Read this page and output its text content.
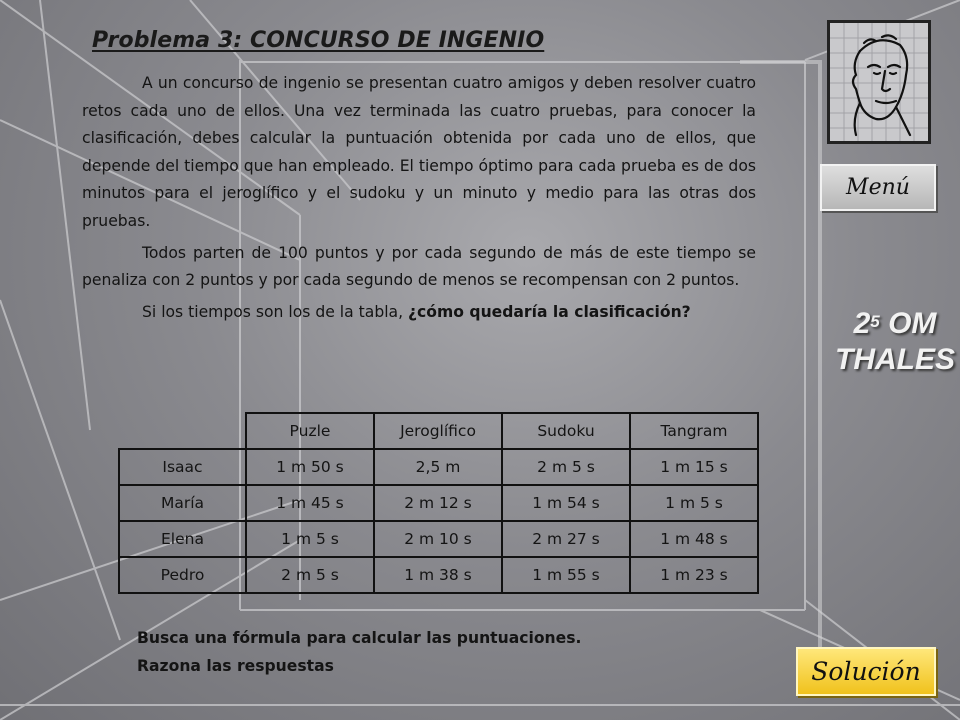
Problema 3: CONCURSO DE INGENIO

A un concurso de ingenio se presentan cuatro amigos y deben resolver cuatro retos cada uno de ellos. Una vez terminada las cuatro pruebas, para conocer la clasificación, debes calcular la puntuación obtenida por cada uno de ellos, que depende del tiempo que han empleado. El tiempo óptimo para cada prueba es de dos minutos para el jeroglífico y el sudoku y un minuto y medio para las otras dos pruebas.

Todos parten de 100 puntos y por cada segundo de más de este tiempo se penaliza con 2 puntos y por cada segundo de menos se recompensan con 2 puntos.

Si los tiempos son los de la tabla, ¿cómo quedaría la clasificación?

	Puzle	Jeroglífico	Sudoku	Tangram
Isaac	1 m 50 s	2,5 m	2 m 5 s	1 m 15 s
María	1 m 45 s	2 m 12 s	1 m 54 s	1 m 5 s
Elena	1 m 5 s	2 m 10 s	2 m 27 s	1 m 48 s
Pedro	2 m 5 s	1 m 38 s	1 m 55 s	1 m 23 s
Busca una fórmula para calcular las puntuaciones.
Razona las respuestas
Menú
$2^5$ OM
THALES
Solución
